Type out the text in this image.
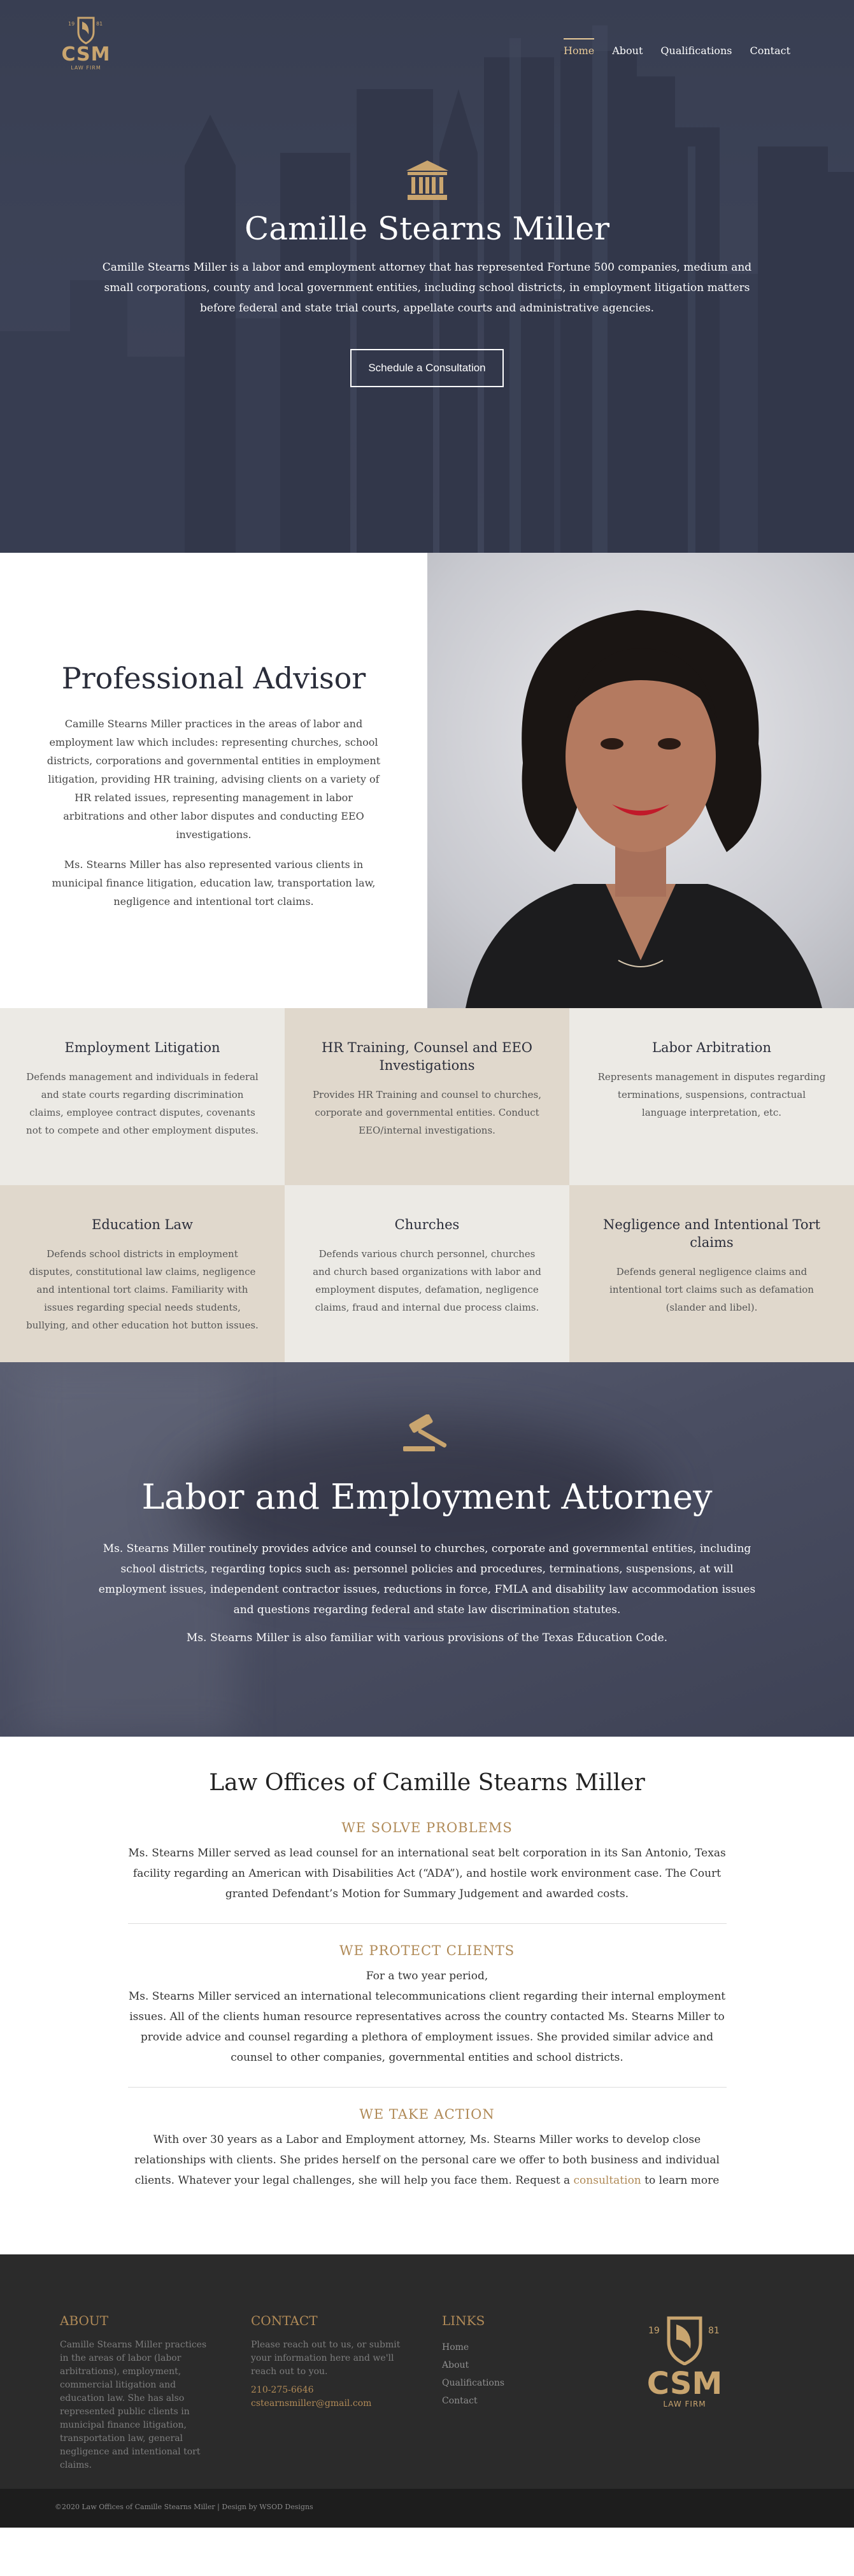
19	81
CSM
LAW FIRM
Home About Qualifications Contact
Camille Stearns Miller

Camille Stearns Miller is a labor and employment attorney that has represented Fortune 500 companies, medium and small corporations, county and local government entities, including school districts, in employment litigation matters before federal and state trial courts, appellate courts and administrative agencies.

Schedule a Consultation
Professional Advisor

Camille Stearns Miller practices in the areas of labor and employment law which includes: representing churches, school districts, corporations and governmental entities in employment litigation, providing HR training, advising clients on a variety of HR related issues, representing management in labor arbitrations and other labor disputes and conducting EEO investigations.

Ms. Stearns Miller has also represented various clients in municipal finance litigation, education law, transportation law, negligence and intentional tort claims.

Employment Litigation

Defends management and individuals in federal and state courts regarding discrimination claims, employee contract disputes, covenants not to compete and other employment disputes.

HR Training, Counsel and EEO Investigations

Provides HR Training and counsel to churches, corporate and governmental entities. Conduct EEO/internal investigations.

Labor Arbitration

Represents management in disputes regarding terminations, suspensions, contractual language interpretation, etc.

Education Law

Defends school districts in employment disputes, constitutional law claims, negligence and intentional tort claims. Familiarity with issues regarding special needs students, bullying, and other education hot button issues.

Churches

Defends various church personnel, churches and church based organizations with labor and employment disputes, defamation, negligence claims, fraud and internal due process claims.

Negligence and Intentional Tort claims

Defends general negligence claims and intentional tort claims such as defamation (slander and libel).

Labor and Employment Attorney

Ms. Stearns Miller routinely provides advice and counsel to churches, corporate and governmental entities, including school districts, regarding topics such as: personnel policies and procedures, terminations, suspensions, at will employment issues, independent contractor issues, reductions in force, FMLA and disability law accommodation issues and questions regarding federal and state law discrimination statutes.

Ms. Stearns Miller is also familiar with various provisions of the Texas Education Code.

Law Offices of Camille Stearns Miller
WE SOLVE PROBLEMS

Ms. Stearns Miller served as lead counsel for an international seat belt corporation in its San Antonio, Texas facility regarding an American with Disabilities Act (“ADA”), and hostile work environment case. The Court granted Defendant’s Motion for Summary Judgement and awarded costs.

WE PROTECT CLIENTS

For a two year period,

Ms. Stearns Miller serviced an international telecommunications client regarding their internal employment issues. All of the clients human resource representatives across the country contacted Ms. Stearns Miller to provide advice and counsel regarding a plethora of employment issues. She provided similar advice and counsel to other companies, governmental entities and school districts.

WE TAKE ACTION

With over 30 years as a Labor and Employment attorney, Ms. Stearns Miller works to develop close relationships with clients. She prides herself on the personal care we offer to both business and individual clients. Whatever your legal challenges, she will help you face them. Request a consultation to learn more

ABOUT

Camille Stearns Miller practices in the areas of labor (labor arbitrations), employment, commercial litigation and education law. She has also represented public clients in municipal finance litigation, transportation law, general negligence and intentional tort claims.

CONTACT

Please reach out to us, or submit your information here and we'll reach out to you.

210-275-6646

cstearnsmiller@gmail.com

LINKS
Home
About
Qualifications
Contact
19	81
CSM
LAW FIRM
©2020 Law Offices of Camille Stearns Miller | Design by WSOD Designs
